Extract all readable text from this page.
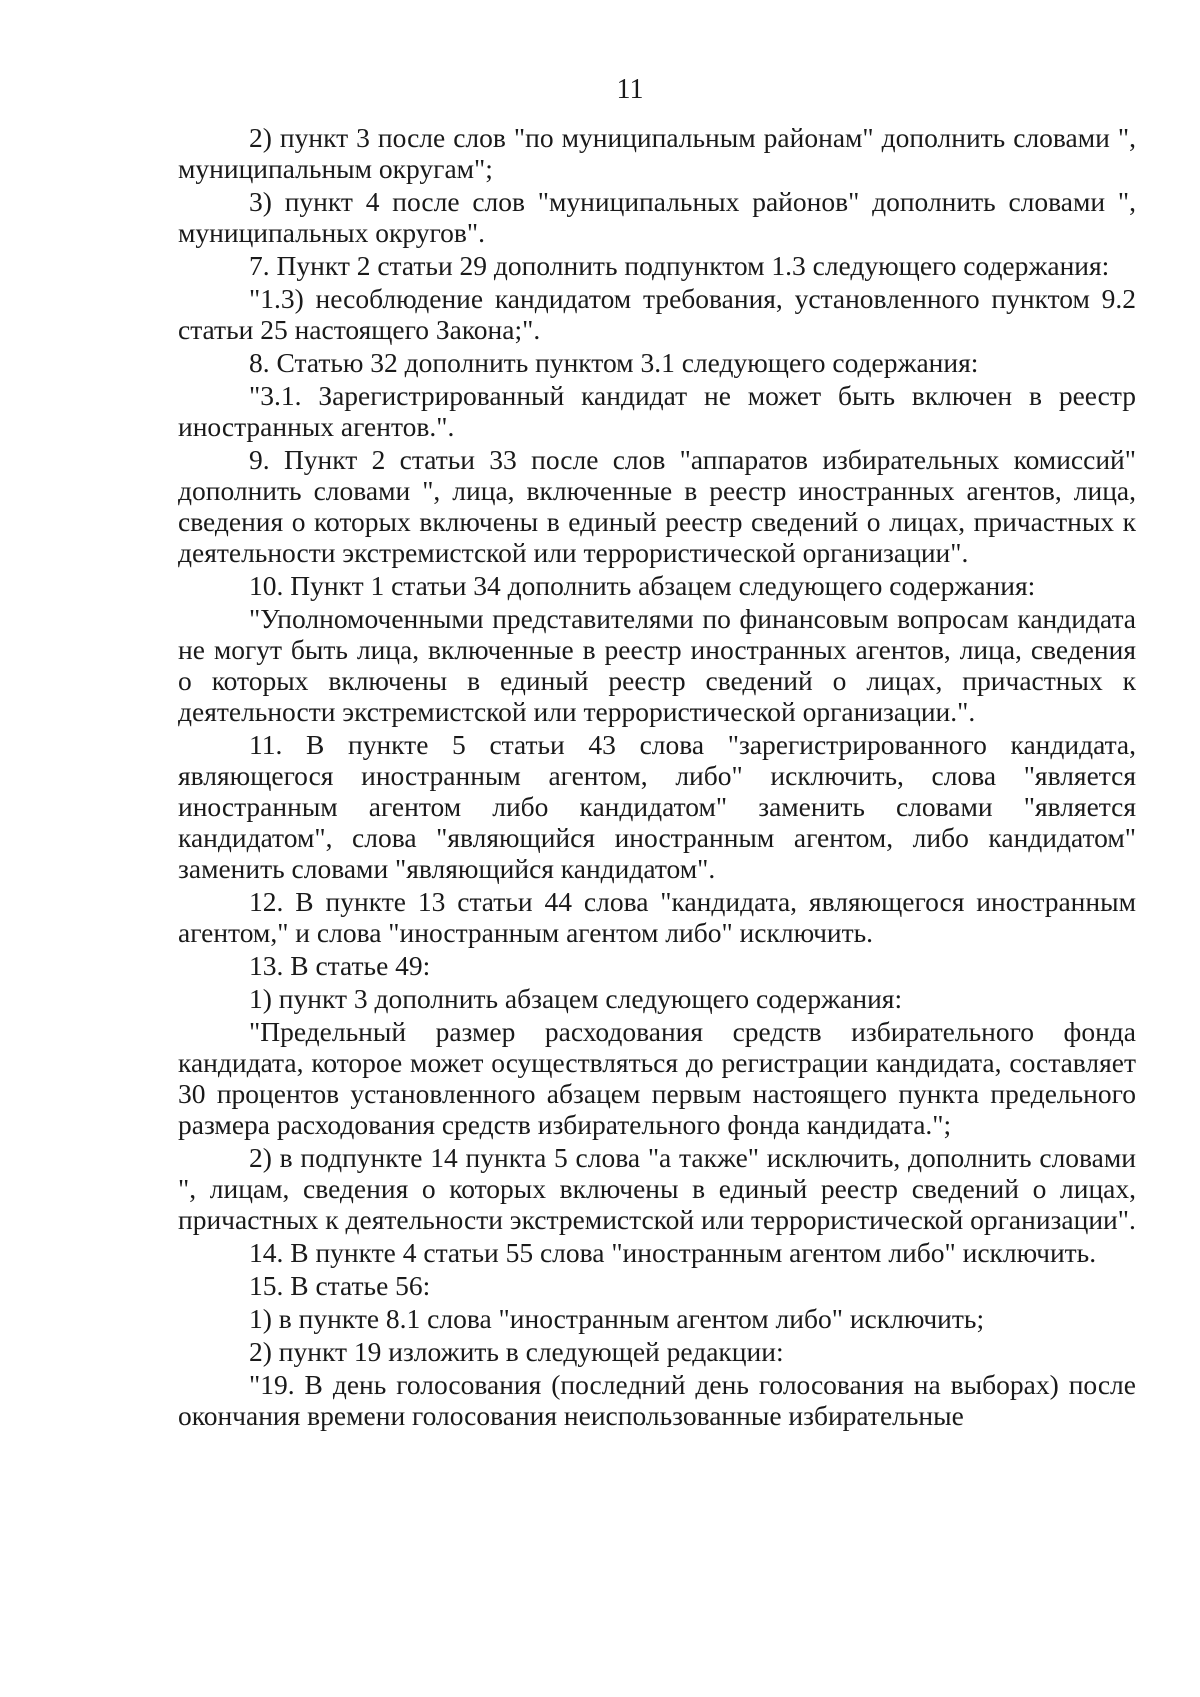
11

2) пункт 3 после слов "по муниципальным районам" дополнить словами ", муниципальным округам";

3) пункт 4 после слов "муниципальных районов" дополнить словами ", муниципальных округов".

7. Пункт 2 статьи 29 дополнить подпунктом 1.3 следующего содержания:

"1.3) несоблюдение кандидатом требования, установленного пунктом 9.2 статьи 25 настоящего Закона;".

8. Статью 32 дополнить пунктом 3.1 следующего содержания:

"3.1. Зарегистрированный кандидат не может быть включен в реестр иностранных агентов.".

9. Пункт 2 статьи 33 после слов "аппаратов избирательных комиссий" дополнить словами ", лица, включенные в реестр иностранных агентов, лица, сведения о которых включены в единый реестр сведений о лицах, причастных к деятельности экстремистской или террористической организации".

10. Пункт 1 статьи 34 дополнить абзацем следующего содержания:

"Уполномоченными представителями по финансовым вопросам кандидата не могут быть лица, включенные в реестр иностранных агентов, лица, сведения о которых включены в единый реестр сведений о лицах, причастных к деятельности экстремистской или террористической организации.".

11. В пункте 5 статьи 43 слова "зарегистрированного кандидата, являющегося иностранным агентом, либо" исключить, слова "является иностранным агентом либо кандидатом" заменить словами "является кандидатом", слова "являющийся иностранным агентом, либо кандидатом" заменить словами "являющийся кандидатом".

12. В пункте 13 статьи 44 слова "кандидата, являющегося иностранным агентом," и слова "иностранным агентом либо" исключить.

13. В статье 49:

1) пункт 3 дополнить абзацем следующего содержания:

"Предельный размер расходования средств избирательного фонда кандидата, которое может осуществляться до регистрации кандидата, составляет 30 процентов установленного абзацем первым настоящего пункта предельного размера расходования средств избирательного фонда кандидата.";

2) в подпункте 14 пункта 5 слова "а также" исключить, дополнить словами ", лицам, сведения о которых включены в единый реестр сведений о лицах, причастных к деятельности экстремистской или террористической организации".

14. В пункте 4 статьи 55 слова "иностранным агентом либо" исключить.

15. В статье 56:

1) в пункте 8.1 слова "иностранным агентом либо" исключить;

2) пункт 19 изложить в следующей редакции:

"19. В день голосования (последний день голосования на выборах) после окончания времени голосования неиспользованные избирательные
